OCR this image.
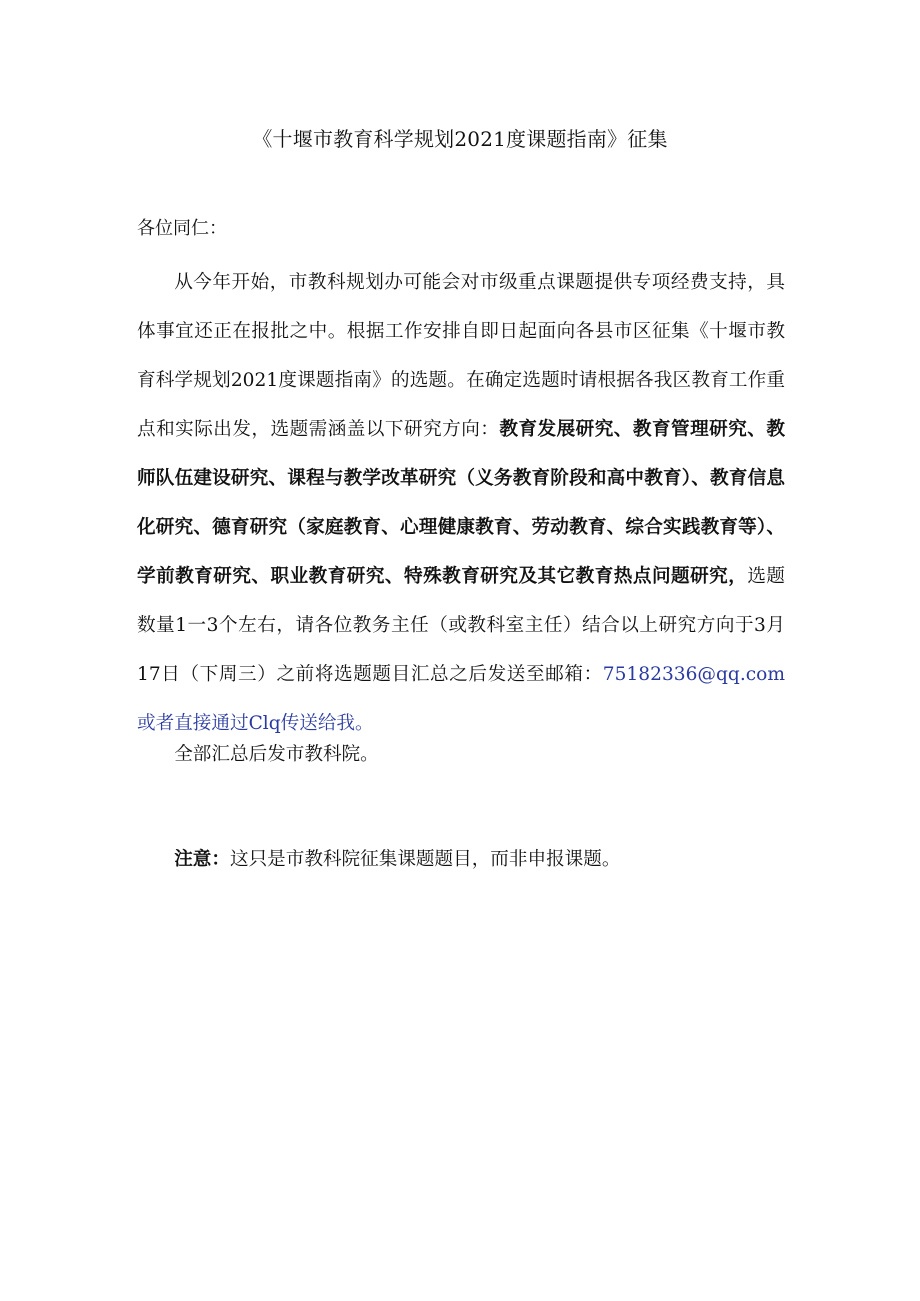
《十堰市教育科学规划2021度课题指南》征集
各位同仁：

从今年开始，市教科规划办可能会对市级重点课题提供专项经费支持，具体事宜还正在报批之中。根据工作安排自即日起面向各县市区征集《十堰市教育科学规划2021度课题指南》的选题。在确定选题时请根据各我区教育工作重点和实际出发，选题需涵盖以下研究方向：教育发展研究、教育管理研究、教师队伍建设研究、课程与教学改革研究（义务教育阶段和高中教育）、教育信息化研究、德育研究（家庭教育、心理健康教育、劳动教育、综合实践教育等）、学前教育研究、职业教育研究、特殊教育研究及其它教育热点问题研究，选题数量1一3个左右，请各位教务主任（或教科室主任）结合以上研究方向于3月17日（下周三）之前将选题题目汇总之后发送至邮箱：75182336@qq.com或者直接通过Clq传送给我。

全部汇总后发市教科院。

注意：这只是市教科院征集课题题目，而非申报课题。
